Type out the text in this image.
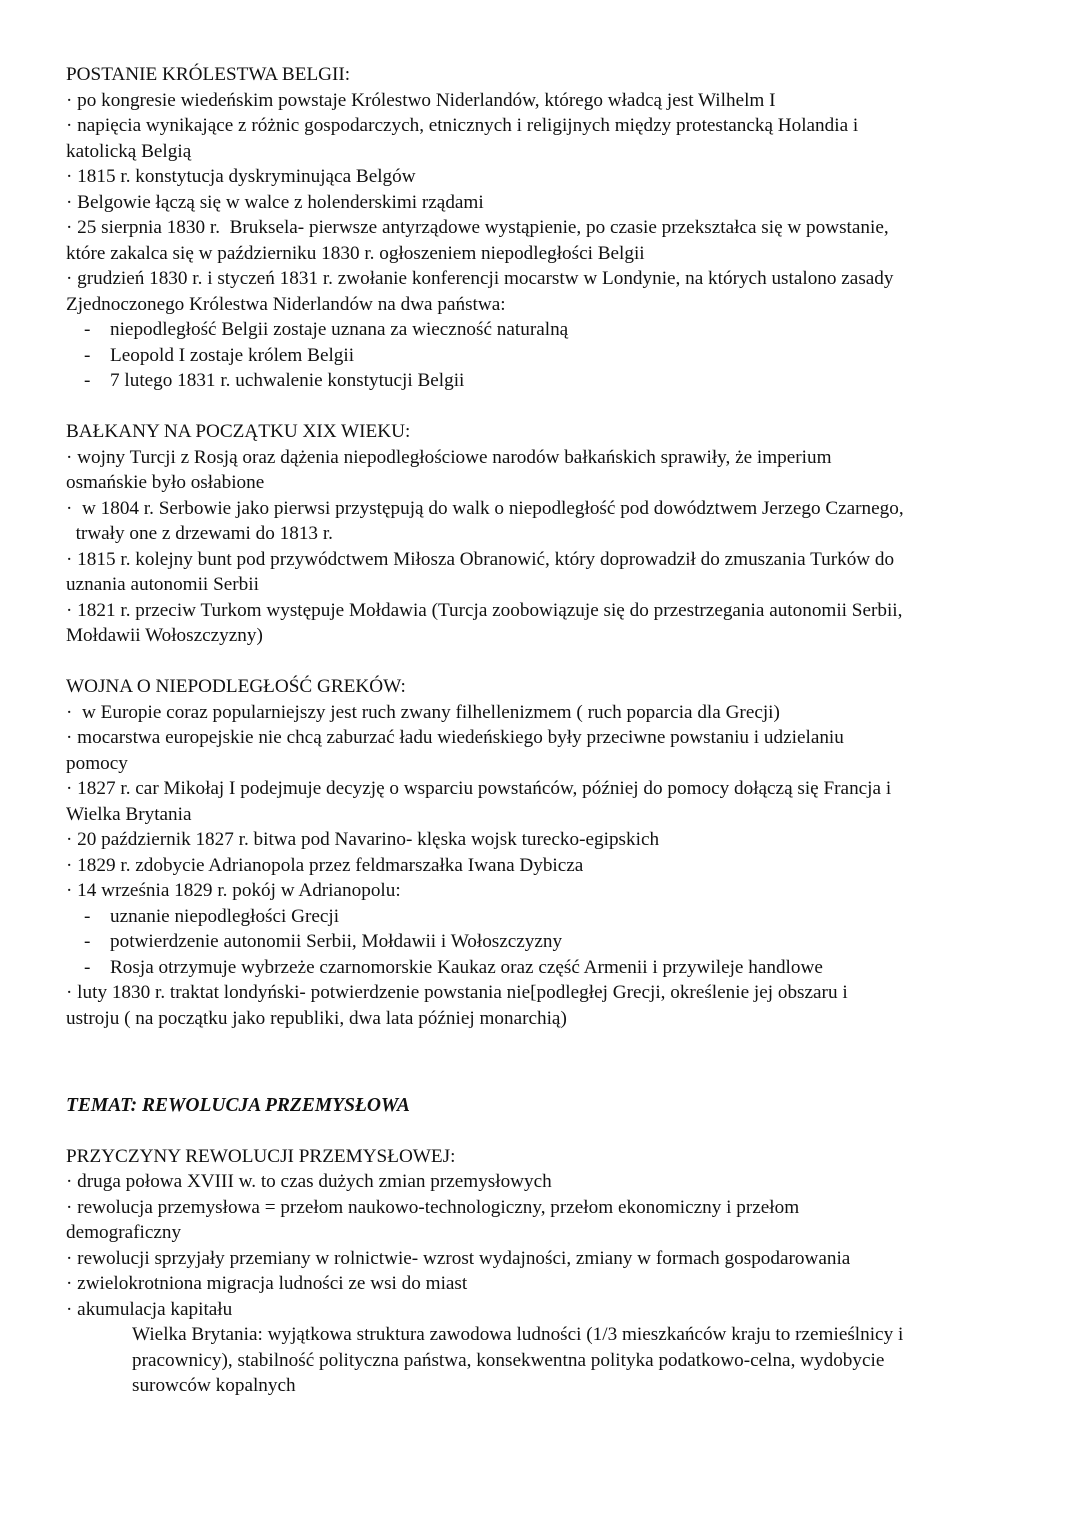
POSTANIE KRÓLESTWA BELGII:

· po kongresie wiedeńskim powstaje Królestwo Niderlandów, którego władcą jest Wilhelm I

· napięcia wynikające z różnic gospodarczych, etnicznych i religijnych między protestancką Holandia i

katolicką Belgią

· 1815 r. konstytucja dyskryminująca Belgów

· Belgowie łączą się w walce z holenderskimi rządami

· 25 sierpnia 1830 r.  Bruksela- pierwsze antyrządowe wystąpienie, po czasie przekształca się w powstanie,

które zakalca się w październiku 1830 r. ogłoszeniem niepodległości Belgii

· grudzień 1830 r. i styczeń 1831 r. zwołanie konferencji mocarstw w Londynie, na których ustalono zasady

Zjednoczonego Królestwa Niderlandów na dwa państwa:

- niepodległość Belgii zostaje uznana za wieczność naturalną

- Leopold I zostaje królem Belgii

- 7 lutego 1831 r. uchwalenie konstytucji Belgii

BAŁKANY NA POCZĄTKU XIX WIEKU:

· wojny Turcji z Rosją oraz dążenia niepodległościowe narodów bałkańskich sprawiły, że imperium

osmańskie było osłabione

·  w 1804 r. Serbowie jako pierwsi przystępują do walk o niepodległość pod dowództwem Jerzego Czarnego,

trwały one z drzewami do 1813 r.

· 1815 r. kolejny bunt pod przywódctwem Miłosza Obranowić, który doprowadził do zmuszania Turków do

uznania autonomii Serbii

· 1821 r. przeciw Turkom występuje Mołdawia (Turcja zoobowiązuje się do przestrzegania autonomii Serbii,

Mołdawii Wołoszczyzny)

WOJNA O NIEPODLEGŁOŚĆ GREKÓW:

·  w Europie coraz popularniejszy jest ruch zwany filhellenizmem ( ruch poparcia dla Grecji)

· mocarstwa europejskie nie chcą zaburzać ładu wiedeńskiego były przeciwne powstaniu i udzielaniu

pomocy

· 1827 r. car Mikołaj I podejmuje decyzję o wsparciu powstańców, później do pomocy dołączą się Francja i

Wielka Brytania

· 20 październik 1827 r. bitwa pod Navarino- klęska wojsk turecko-egipskich

· 1829 r. zdobycie Adrianopola przez feldmarszałka Iwana Dybicza

· 14 września 1829 r. pokój w Adrianopolu:

- uznanie niepodległości Grecji

- potwierdzenie autonomii Serbii, Mołdawii i Wołoszczyzny

- Rosja otrzymuje wybrzeże czarnomorskie Kaukaz oraz część Armenii i przywileje handlowe

· luty 1830 r. traktat londyński- potwierdzenie powstania nie[podległej Grecji, określenie jej obszaru i

ustroju ( na początku jako republiki, dwa lata później monarchią)

TEMAT: REWOLUCJA PRZEMYSŁOWA

PRZYCZYNY REWOLUCJI PRZEMYSŁOWEJ:

· druga połowa XVIII w. to czas dużych zmian przemysłowych

· rewolucja przemysłowa = przełom naukowo-technologiczny, przełom ekonomiczny i przełom

demograficzny

· rewolucji sprzyjały przemiany w rolnictwie- wzrost wydajności, zmiany w formach gospodarowania

· zwielokrotniona migracja ludności ze wsi do miast

· akumulacja kapitału

Wielka Brytania: wyjątkowa struktura zawodowa ludności (1/3 mieszkańców kraju to rzemieślnicy i

pracownicy), stabilność polityczna państwa, konsekwentna polityka podatkowo-celna, wydobycie

surowców kopalnych
